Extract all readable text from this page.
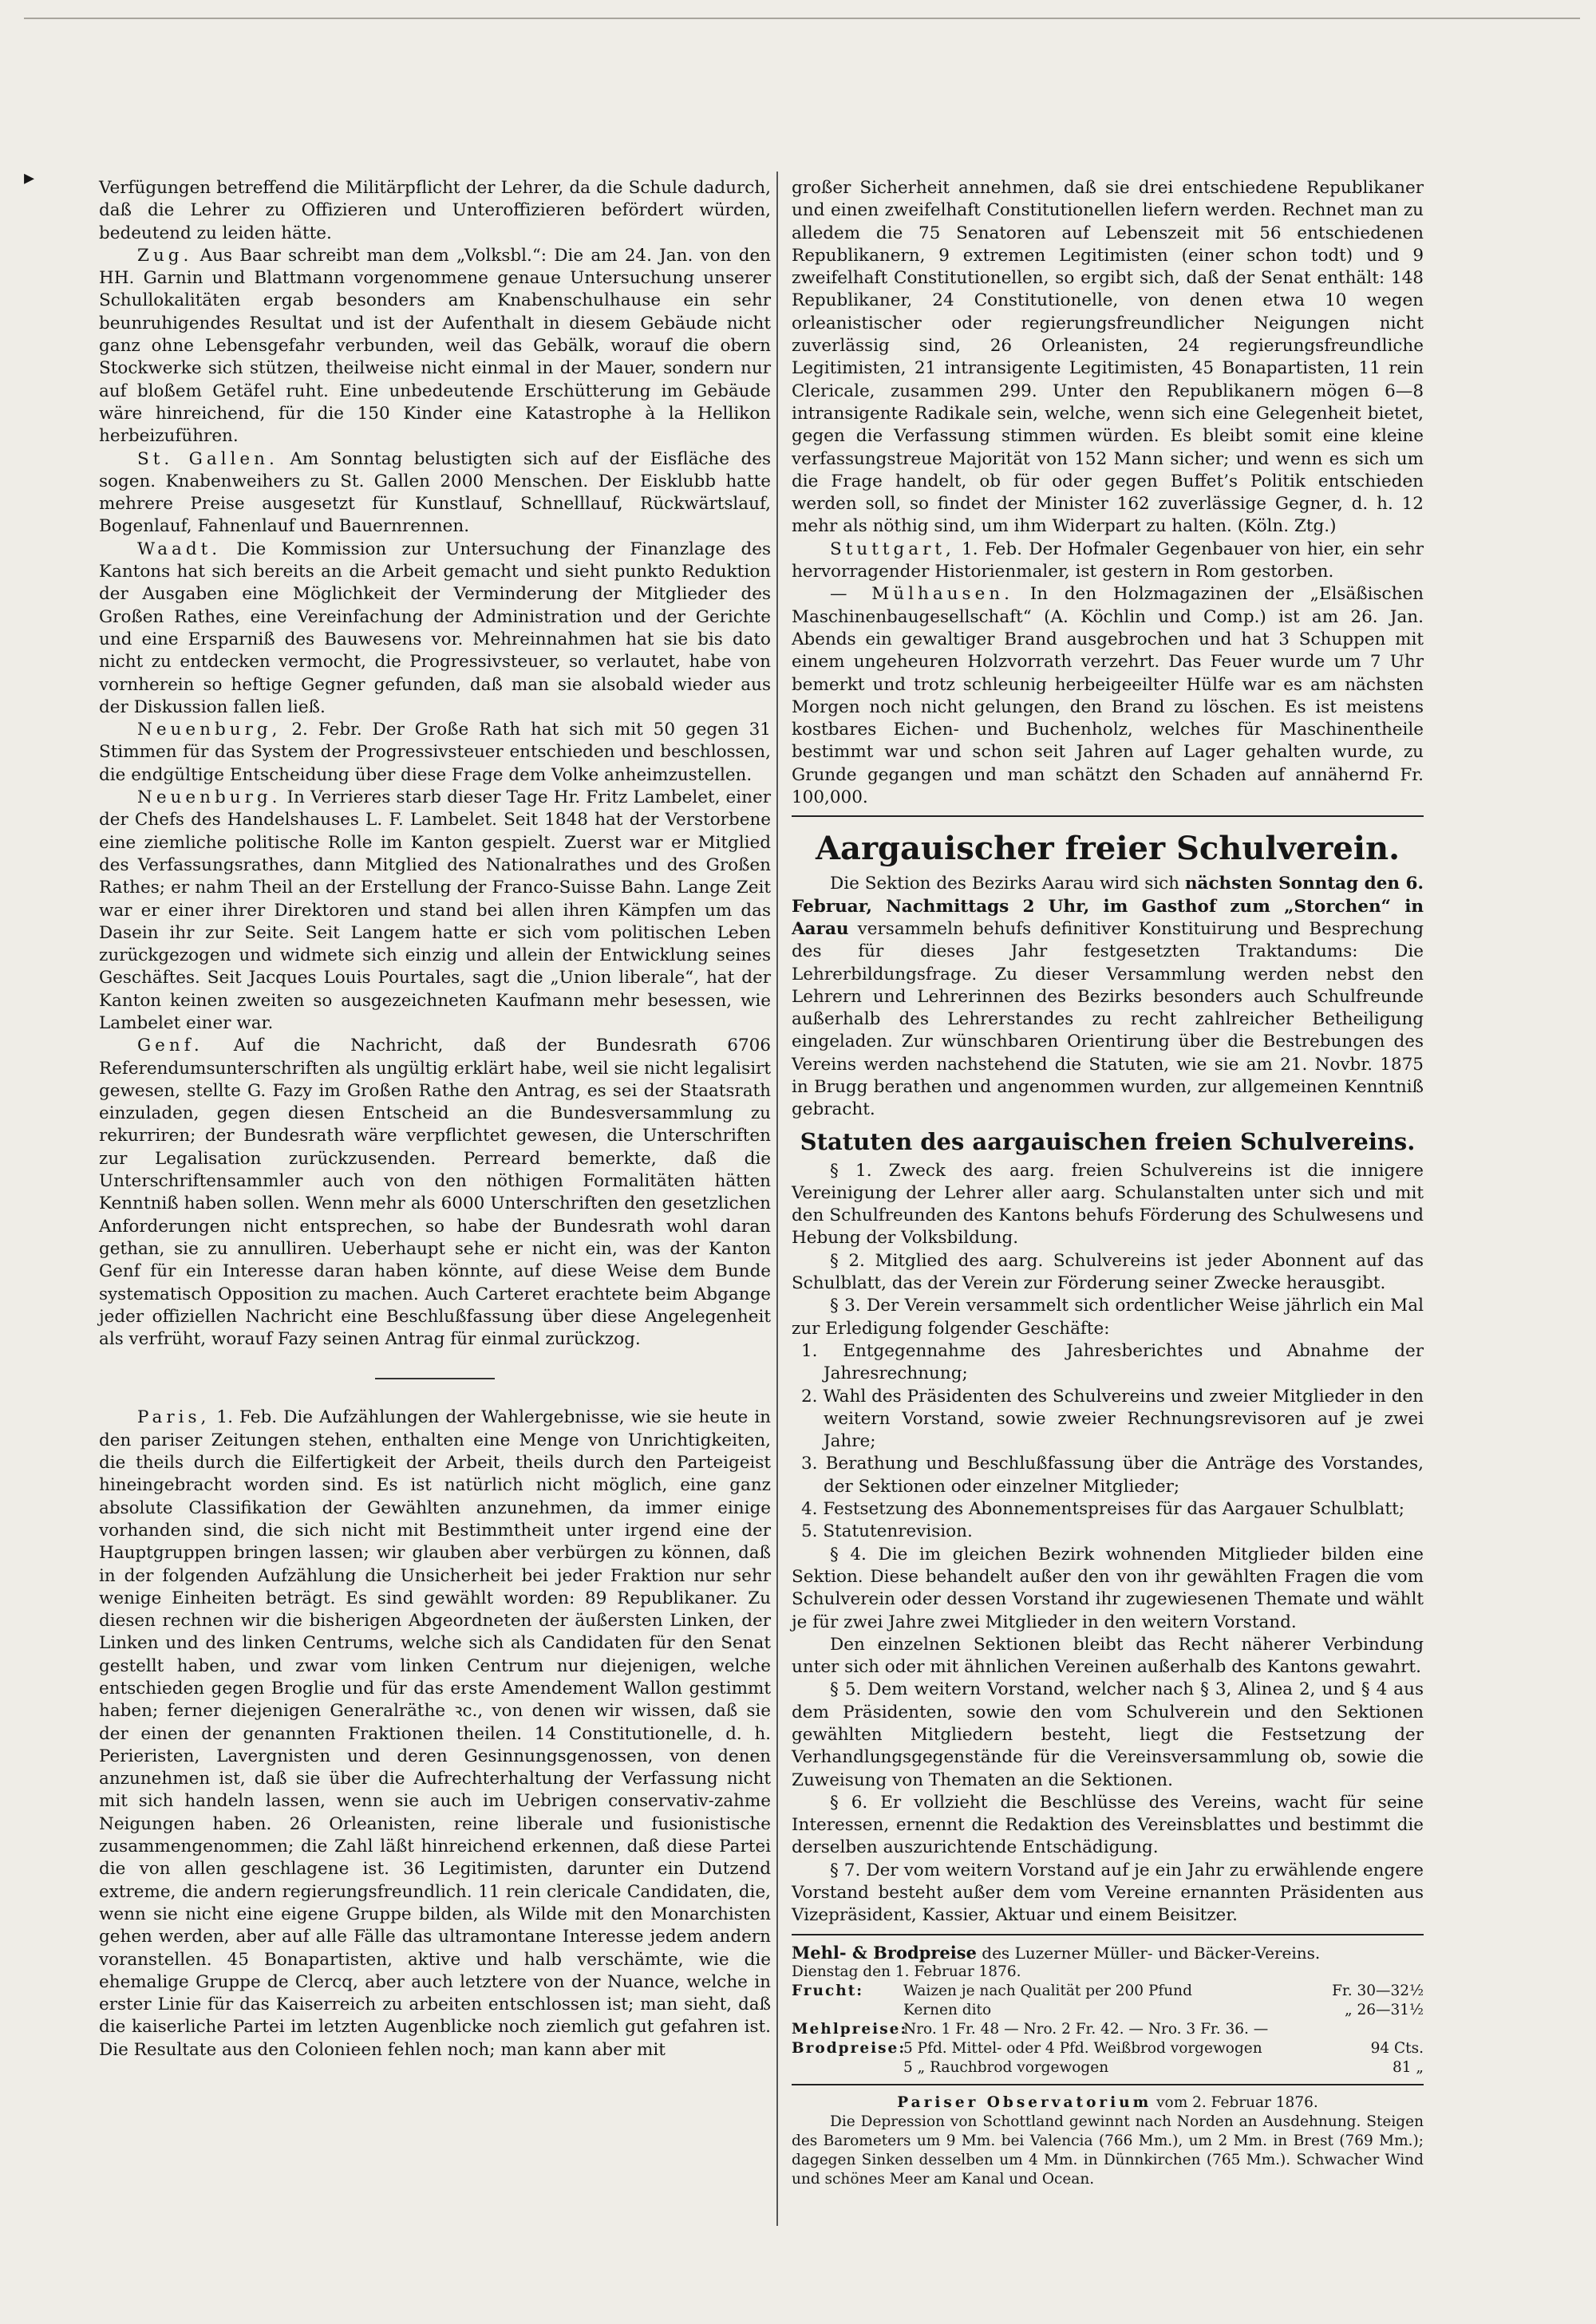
▸	Verfügungen betreffend die Militärpflicht der Lehrer, da die Schule dadurch, daß die Lehrer zu Offizieren und Unteroffizieren befördert würden, bedeutend zu leiden hätte.

Zug. Aus Baar schreibt man dem „Volksbl.“: Die am 24. Jan. von den HH. Garnin und Blattmann vorgenommene genaue Untersuchung unserer Schullokalitäten ergab besonders am Knabenschulhause ein sehr beunruhigendes Resultat und ist der Aufenthalt in diesem Gebäude nicht ganz ohne Lebensgefahr verbunden, weil das Gebälk, worauf die obern Stockwerke sich stützen, theilweise nicht einmal in der Mauer, sondern nur auf bloßem Getäfel ruht. Eine unbedeutende Erschütterung im Gebäude wäre hinreichend, für die 150 Kinder eine Katastrophe à la Hellikon herbeizuführen.

St. Gallen. Am Sonntag belustigten sich auf der Eisfläche des sogen. Knabenweihers zu St. Gallen 2000 Menschen. Der Eisklubb hatte mehrere Preise ausgesetzt für Kunstlauf, Schnelllauf, Rückwärtslauf, Bogenlauf, Fahnenlauf und Bauernrennen.

Waadt. Die Kommission zur Untersuchung der Finanzlage des Kantons hat sich bereits an die Arbeit gemacht und sieht punkto Reduktion der Ausgaben eine Möglichkeit der Verminderung der Mitglieder des Großen Rathes, eine Vereinfachung der Administration und der Gerichte und eine Ersparniß des Bauwesens vor. Mehreinnahmen hat sie bis dato nicht zu entdecken vermocht, die Progressivsteuer, so verlautet, habe von vornherein so heftige Gegner gefunden, daß man sie alsobald wieder aus der Diskussion fallen ließ.

Neuenburg, 2. Febr. Der Große Rath hat sich mit 50 gegen 31 Stimmen für das System der Progressivsteuer entschieden und beschlossen, die endgültige Entscheidung über diese Frage dem Volke anheimzustellen.

Neuenburg. In Verrieres starb dieser Tage Hr. Fritz Lambelet, einer der Chefs des Handelshauses L. F. Lambelet. Seit 1848 hat der Verstorbene eine ziemliche politische Rolle im Kanton gespielt. Zuerst war er Mitglied des Verfassungsrathes, dann Mitglied des Nationalrathes und des Großen Rathes; er nahm Theil an der Erstellung der Franco-Suisse Bahn. Lange Zeit war er einer ihrer Direktoren und stand bei allen ihren Kämpfen um das Dasein ihr zur Seite. Seit Langem hatte er sich vom politischen Leben zurückgezogen und widmete sich einzig und allein der Entwicklung seines Geschäftes. Seit Jacques Louis Pourtales, sagt die „Union liberale“, hat der Kanton keinen zweiten so ausgezeichneten Kaufmann mehr besessen, wie Lambelet einer war.

Genf. Auf die Nachricht, daß der Bundesrath 6706 Referendumsunterschriften als ungültig erklärt habe, weil sie nicht legalisirt gewesen, stellte G. Fazy im Großen Rathe den Antrag, es sei der Staatsrath einzuladen, gegen diesen Entscheid an die Bundesversammlung zu rekurriren; der Bundesrath wäre verpflichtet gewesen, die Unterschriften zur Legalisation zurückzusenden. Perreard bemerkte, daß die Unterschriftensammler auch von den nöthigen Formalitäten hätten Kenntniß haben sollen. Wenn mehr als 6000 Unterschriften den gesetzlichen Anforderungen nicht entsprechen, so habe der Bundesrath wohl daran gethan, sie zu annulliren. Ueberhaupt sehe er nicht ein, was der Kanton Genf für ein Interesse daran haben könnte, auf diese Weise dem Bunde systematisch Opposition zu machen. Auch Carteret erachtete beim Abgange jeder offiziellen Nachricht eine Beschlußfassung über diese Angelegenheit als verfrüht, worauf Fazy seinen Antrag für einmal zurückzog.

Paris, 1. Feb. Die Aufzählungen der Wahlergebnisse, wie sie heute in den pariser Zeitungen stehen, enthalten eine Menge von Unrichtigkeiten, die theils durch die Eilfertigkeit der Arbeit, theils durch den Parteigeist hineingebracht worden sind. Es ist natürlich nicht möglich, eine ganz absolute Classifikation der Gewählten anzunehmen, da immer einige vorhanden sind, die sich nicht mit Bestimmtheit unter irgend eine der Hauptgruppen bringen lassen; wir glauben aber verbürgen zu können, daß in der folgenden Aufzählung die Unsicherheit bei jeder Fraktion nur sehr wenige Einheiten beträgt. Es sind gewählt worden: 89 Republikaner. Zu diesen rechnen wir die bisherigen Abgeordneten der äußersten Linken, der Linken und des linken Centrums, welche sich als Candidaten für den Senat gestellt haben, und zwar vom linken Centrum nur diejenigen, welche entschieden gegen Broglie und für das erste Amendement Wallon gestimmt haben; ferner diejenigen Generalräthe ꝛc., von denen wir wissen, daß sie der einen der genannten Fraktionen theilen. 14 Constitutionelle, d. h. Perieristen, Lavergnisten und deren Gesinnungsgenossen, von denen anzunehmen ist, daß sie über die Aufrechterhaltung der Verfassung nicht mit sich handeln lassen, wenn sie auch im Uebrigen conservativ-zahme Neigungen haben. 26 Orleanisten, reine liberale und fusionistische zusammengenommen; die Zahl läßt hinreichend erkennen, daß diese Partei die von allen geschlagene ist. 36 Legitimisten, darunter ein Dutzend extreme, die andern regierungsfreundlich. 11 rein clericale Candidaten, die, wenn sie nicht eine eigene Gruppe bilden, als Wilde mit den Monarchisten gehen werden, aber auf alle Fälle das ultramontane Interesse jedem andern voranstellen. 45 Bonapartisten, aktive und halb verschämte, wie die ehemalige Gruppe de Clercq, aber auch letztere von der Nuance, welche in erster Linie für das Kaiserreich zu arbeiten entschlossen ist; man sieht, daß die kaiserliche Partei im letzten Augenblicke noch ziemlich gut gefahren ist. Die Resultate aus den Colonieen fehlen noch; man kann aber mit

großer Sicherheit annehmen, daß sie drei entschiedene Republikaner und einen zweifelhaft Constitutionellen liefern werden. Rechnet man zu alledem die 75 Senatoren auf Lebenszeit mit 56 entschiedenen Republikanern, 9 extremen Legitimisten (einer schon todt) und 9 zweifelhaft Constitutionellen, so ergibt sich, daß der Senat enthält: 148 Republikaner, 24 Constitutionelle, von denen etwa 10 wegen orleanistischer oder regierungsfreundlicher Neigungen nicht zuverlässig sind, 26 Orleanisten, 24 regierungsfreundliche Legitimisten, 21 intransigente Legitimisten, 45 Bonapartisten, 11 rein Clericale, zusammen 299. Unter den Republikanern mögen 6—8 intransigente Radikale sein, welche, wenn sich eine Gelegenheit bietet, gegen die Verfassung stimmen würden. Es bleibt somit eine kleine verfassungstreue Majorität von 152 Mann sicher; und wenn es sich um die Frage handelt, ob für oder gegen Buffet’s Politik entschieden werden soll, so findet der Minister 162 zuverlässige Gegner, d. h. 12 mehr als nöthig sind, um ihm Widerpart zu halten. (Köln. Ztg.)

Stuttgart, 1. Feb. Der Hofmaler Gegenbauer von hier, ein sehr hervorragender Historienmaler, ist gestern in Rom gestorben.

— Mülhausen. In den Holzmagazinen der „Elsäßischen Maschinenbaugesellschaft“ (A. Köchlin und Comp.) ist am 26. Jan. Abends ein gewaltiger Brand ausgebrochen und hat 3 Schuppen mit einem ungeheuren Holzvorrath verzehrt. Das Feuer wurde um 7 Uhr bemerkt und trotz schleunig herbeigeeilter Hülfe war es am nächsten Morgen noch nicht gelungen, den Brand zu löschen. Es ist meistens kostbares Eichen- und Buchenholz, welches für Maschinentheile bestimmt war und schon seit Jahren auf Lager gehalten wurde, zu Grunde gegangen und man schätzt den Schaden auf annähernd Fr. 100,000.

Aargauischer freier Schulverein.

Die Sektion des Bezirks Aarau wird sich nächsten Sonntag den 6. Februar, Nachmittags 2 Uhr, im Gasthof zum „Storchen“ in Aarau versammeln behufs definitiver Konstituirung und Besprechung des für dieses Jahr festgesetzten Traktandums: Die Lehrerbildungsfrage. Zu dieser Versammlung werden nebst den Lehrern und Lehrerinnen des Bezirks besonders auch Schulfreunde außerhalb des Lehrerstandes zu recht zahlreicher Betheiligung eingeladen. Zur wünschbaren Orientirung über die Bestrebungen des Vereins werden nachstehend die Statuten, wie sie am 21. Novbr. 1875 in Brugg berathen und angenommen wurden, zur allgemeinen Kenntniß gebracht.

Statuten des aargauischen freien Schulvereins.

§ 1. Zweck des aarg. freien Schulvereins ist die innigere Vereinigung der Lehrer aller aarg. Schulanstalten unter sich und mit den Schulfreunden des Kantons behufs Förderung des Schulwesens und Hebung der Volksbildung.

§ 2. Mitglied des aarg. Schulvereins ist jeder Abonnent auf das Schulblatt, das der Verein zur Förderung seiner Zwecke herausgibt.

§ 3. Der Verein versammelt sich ordentlicher Weise jährlich ein Mal zur Erledigung folgender Geschäfte:

1. Entgegennahme des Jahresberichtes und Abnahme der Jahresrechnung;

2. Wahl des Präsidenten des Schulvereins und zweier Mitglieder in den weitern Vorstand, sowie zweier Rechnungsrevisoren auf je zwei Jahre;

3. Berathung und Beschlußfassung über die Anträge des Vorstandes, der Sektionen oder einzelner Mitglieder;

4. Festsetzung des Abonnementspreises für das Aargauer Schulblatt;

5. Statutenrevision.

§ 4. Die im gleichen Bezirk wohnenden Mitglieder bilden eine Sektion. Diese behandelt außer den von ihr gewählten Fragen die vom Schulverein oder dessen Vorstand ihr zugewiesenen Themate und wählt je für zwei Jahre zwei Mitglieder in den weitern Vorstand.

Den einzelnen Sektionen bleibt das Recht näherer Verbindung unter sich oder mit ähnlichen Vereinen außerhalb des Kantons gewahrt.

§ 5. Dem weitern Vorstand, welcher nach § 3, Alinea 2, und § 4 aus dem Präsidenten, sowie den vom Schulverein und den Sektionen gewählten Mitgliedern besteht, liegt die Festsetzung der Verhandlungsgegenstände für die Vereinsversammlung ob, sowie die Zuweisung von Thematen an die Sektionen.

§ 6. Er vollzieht die Beschlüsse des Vereins, wacht für seine Interessen, ernennt die Redaktion des Vereinsblattes und bestimmt die derselben auszurichtende Entschädigung.

§ 7. Der vom weitern Vorstand auf je ein Jahr zu erwählende engere Vorstand besteht außer dem vom Vereine ernannten Präsidenten aus Vizepräsident, Kassier, Aktuar und einem Beisitzer.

Mehl- & Brodpreise des Luzerner Müller- und Bäcker-Vereins.
Dienstag den 1. Februar 1876.
Frucht:	Waizen je nach Qualität per 200 Pfund	Fr. 30—32½
Kernen dito	„ 26—31½
Mehlpreise:
Nro. 1 Fr. 48 — Nro. 2 Fr. 42. — Nro. 3 Fr. 36. —
Brodpreise:
5 Pfd. Mittel- oder 4 Pfd. Weißbrod vorgewogen	94 Cts.
5 „ Rauchbrod vorgewogen	81 „
Pariser Observatorium vom 2. Februar 1876.

Die Depression von Schottland gewinnt nach Norden an Ausdehnung. Steigen des Barometers um 9 Mm. bei Valencia (766 Mm.), um 2 Mm. in Brest (769 Mm.); dagegen Sinken desselben um 4 Mm. in Dünnkirchen (765 Mm.). Schwacher Wind und schönes Meer am Kanal und Ocean.
